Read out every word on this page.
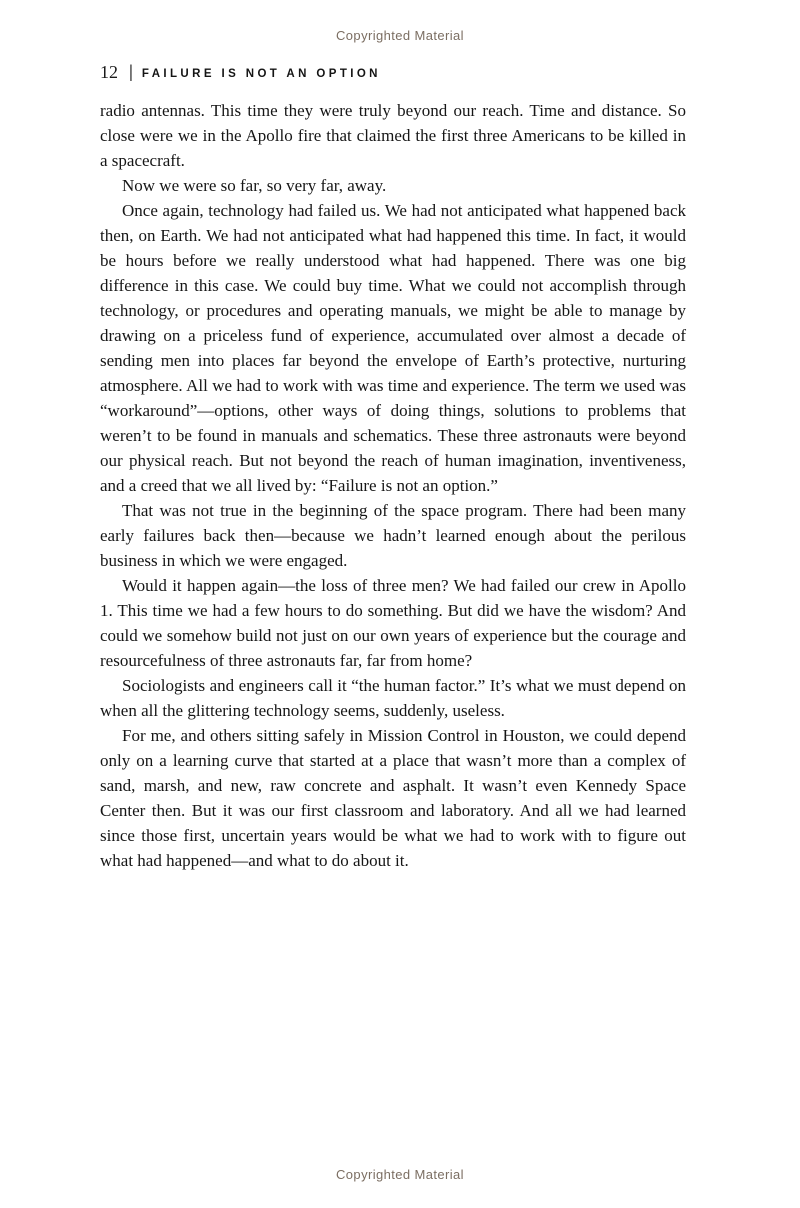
Copyrighted Material
12 | FAILURE IS NOT AN OPTION

radio antennas. This time they were truly beyond our reach. Time and distance. So close were we in the Apollo fire that claimed the first three Americans to be killed in a spacecraft.

Now we were so far, so very far, away.

Once again, technology had failed us. We had not anticipated what happened back then, on Earth. We had not anticipated what had happened this time. In fact, it would be hours before we really understood what had happened. There was one big difference in this case. We could buy time. What we could not accomplish through technology, or procedures and operating manuals, we might be able to manage by drawing on a priceless fund of experience, accumulated over almost a decade of sending men into places far beyond the envelope of Earth’s protective, nurturing atmosphere. All we had to work with was time and experience. The term we used was “workaround”—options, other ways of doing things, solutions to problems that weren’t to be found in manuals and schematics. These three astronauts were beyond our physical reach. But not beyond the reach of human imagination, inventiveness, and a creed that we all lived by: “Failure is not an option.”

That was not true in the beginning of the space program. There had been many early failures back then—because we hadn’t learned enough about the perilous business in which we were engaged.

Would it happen again—the loss of three men? We had failed our crew in Apollo 1. This time we had a few hours to do something. But did we have the wisdom? And could we somehow build not just on our own years of experience but the courage and resourcefulness of three astronauts far, far from home?

Sociologists and engineers call it “the human factor.” It’s what we must depend on when all the glittering technology seems, suddenly, useless.

For me, and others sitting safely in Mission Control in Houston, we could depend only on a learning curve that started at a place that wasn’t more than a complex of sand, marsh, and new, raw concrete and asphalt. It wasn’t even Kennedy Space Center then. But it was our first classroom and laboratory. And all we had learned since those first, uncertain years would be what we had to work with to figure out what had happened—and what to do about it.

Copyrighted Material
